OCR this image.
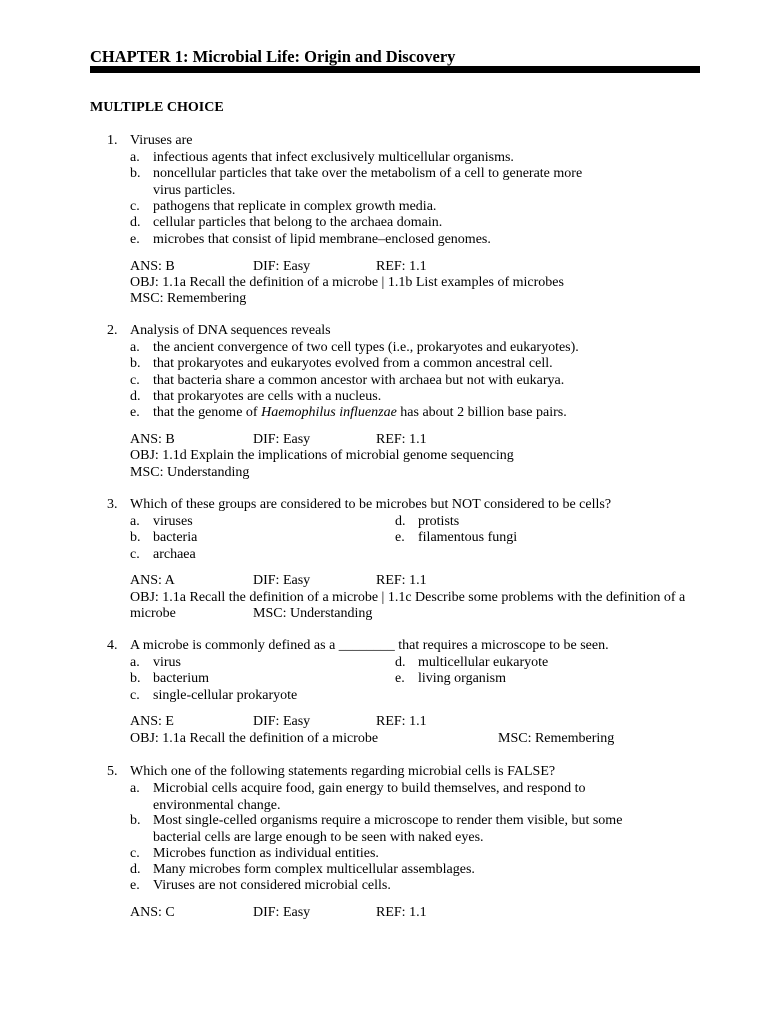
CHAPTER 1: Microbial Life: Origin and Discovery
MULTIPLE CHOICE
1. Viruses are
a. infectious agents that infect exclusively multicellular organisms.
b. noncellular particles that take over the metabolism of a cell to generate more virus particles.
c. pathogens that replicate in complex growth media.
d. cellular particles that belong to the archaea domain.
e. microbes that consist of lipid membrane–enclosed genomes.
ANS: B	DIF: Easy	REF: 1.1
OBJ: 1.1a Recall the definition of a microbe | 1.1b List examples of microbes
MSC: Remembering
2. Analysis of DNA sequences reveals
a. the ancient convergence of two cell types (i.e., prokaryotes and eukaryotes).
b. that prokaryotes and eukaryotes evolved from a common ancestral cell.
c. that bacteria share a common ancestor with archaea but not with eukarya.
d. that prokaryotes are cells with a nucleus.
e. that the genome of Haemophilus influenzae has about 2 billion base pairs.
ANS: B	DIF: Easy	REF: 1.1
OBJ: 1.1d Explain the implications of microbial genome sequencing
MSC: Understanding
3. Which of these groups are considered to be microbes but NOT considered to be cells?
a. viruses
b. bacteria
c. archaea
d. protists
e. filamentous fungi
ANS: A	DIF: Easy	REF: 1.1
OBJ: 1.1a Recall the definition of a microbe | 1.1c Describe some problems with the definition of a
microbe	MSC: Understanding
4. A microbe is commonly defined as a ________ that requires a microscope to be seen.
a. virus
b. bacterium
c. single-cellular prokaryote
d. multicellular eukaryote
e. living organism
ANS: E	DIF: Easy	REF: 1.1
OBJ: 1.1a Recall the definition of a microbe	MSC: Remembering
5. Which one of the following statements regarding microbial cells is FALSE?
a. Microbial cells acquire food, gain energy to build themselves, and respond to environmental change.
b. Most single-celled organisms require a microscope to render them visible, but some bacterial cells are large enough to be seen with naked eyes.
c. Microbes function as individual entities.
d. Many microbes form complex multicellular assemblages.
e. Viruses are not considered microbial cells.
ANS: C	DIF: Easy	REF: 1.1
